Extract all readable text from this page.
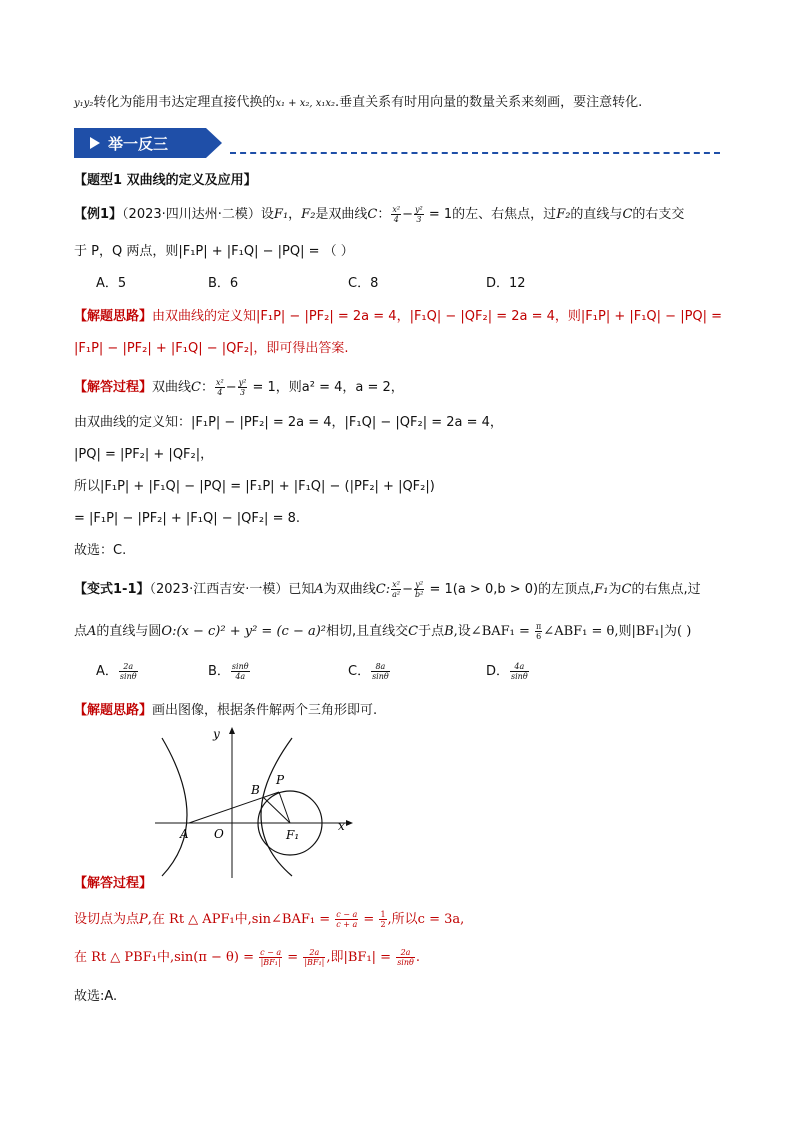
y₁y₂转化为能用韦达定理直接代换的x₁ + x₂, x₁x₂.垂直关系有时用向量的数量关系来刻画，要注意转化.
举一反三
【题型1 双曲线的定义及应用】
【例1】（2023·四川达州·二模）设F₁，F₂是双曲线C： $\frac{\text{x²}}{4} - \frac{\text{y²}}{3} = 1$的左、右焦点，过F₂的直线与C的右支交
于 P，Q 两点，则|F₁P| + |F₁Q| − |PQ| = （ ）
A．5	B．6	C．8	D．12
【解题思路】由双曲线的定义知|F₁P| − |PF₂| = 2a = 4，|F₁Q| − |QF₂| = 2a = 4，则|F₁P| + |F₁Q| − |PQ| =
|F₁P| − |PF₂| + |F₁Q| − |QF₂|，即可得出答案.
【解答过程】双曲线C： $\frac{\text{x²}}{4} - \frac{\text{y²}}{3} = 1$，则a² = 4，a = 2，
由双曲线的定义知：|F₁P| − |PF₂| = 2a = 4，|F₁Q| − |QF₂| = 2a = 4，
|PQ| = |PF₂| + |QF₂|，
所以|F₁P| + |F₁Q| − |PQ| = |F₁P| + |F₁Q| − (|PF₂| + |QF₂|)
= |F₁P| − |PF₂| + |F₁Q| − |QF₂| = 8.
故选：C.
【变式1-1】（2023·江西吉安·一模）已知A为双曲线C: $\frac{\text{x²}}{\text{a²}} - \frac{\text{y²}}{\text{b²}} = 1(a > 0,b > 0)$的左顶点,F₁为C的右焦点,过
点A的直线与圆O:(x − c)² + y² = (c − a)²相切,且直线交C于点B,设∠BAF₁ = $\frac{\pi}{6}$ ∠ABF₁ = θ,则|BF₁|为( )
A． $\frac{2a}{\sin\theta}$	B． $\frac{\sin\theta}{4a}$	C． $\frac{8a}{\sin\theta}$	D． $\frac{4a}{\sin\theta}$
【解题思路】画出图像，根据条件解两个三角形即可.
y
x
O
A
B
P
F₁
【解答过程】
设切点为点P,在 Rt △ APF₁中,sin∠BAF₁ = $\frac{c - a}{c + a} = \frac{1}{2}$ ,所以c = 3a,
在 Rt △ PBF₁中$,\sin(\pi - \theta) = \frac{c - a}{\text{|BF₁|}} = \frac{2a}{\text{|BF₁|}}$ ,即$|BF_1| = \frac{2a}{\sin\theta}$ .
故选:A.
